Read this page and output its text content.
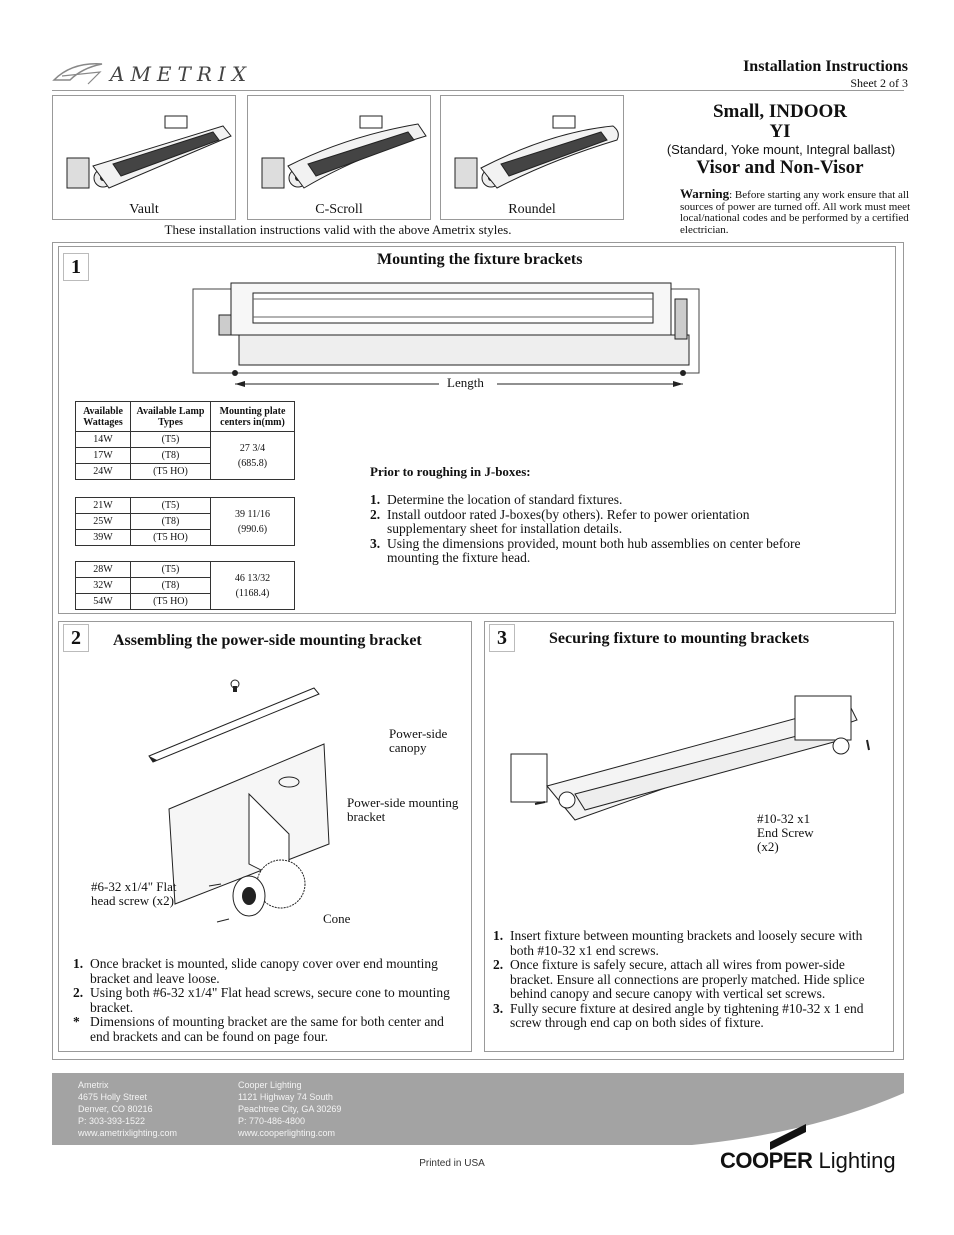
AMETRIX	Installation Instructions
Sheet 2 of 3
Vault	C-Scroll	Roundel
These installation instructions valid with the above Ametrix styles.
Small, INDOOR
YI
(Standard, Yoke mount, Integral ballast)
Visor and Non-Visor
Warning: Before starting any work ensure that all sources of power are turned off. All work must meet local/national codes and be performed by a certified electrician.
1	Mounting the fixture brackets
Length
Available Wattages	Available Lamp Types	Mounting plate centers in(mm)
14W	(T5)	27 3/4
(685.8)

17W	(T8)	
24W	(T5 HO)	
21W	(T5)	39 11/16
(990.6)

25W	(T8)	
39W	(T5 HO)	
28W	(T5)	46 13/32
(1168.4)

32W	(T8)	
54W	(T5 HO)	
Prior to roughing in J-boxes:
1. Determine the location of standard fixtures.
2. Install outdoor rated J-boxes(by others). Refer to power orientation supplementary sheet for installation details.
3. Using the dimensions provided, mount both hub assemblies on center before mounting the fixture head.
2	Assembling the power-side mounting bracket
Power-side canopy
Power-side mounting bracket
#6-32 x1/4" Flat head screw (x2)
Cone
1. Once bracket is mounted, slide canopy cover over end mounting bracket and leave loose.
2. Using both #6-32 x1/4" Flat head screws, secure cone to mounting bracket.
* Dimensions of mounting bracket are the same for both center and end brackets and can be found on page four.
3	Securing fixture to mounting brackets
#10-32 x1 End Screw (x2)
1. Insert fixture between mounting brackets and loosely secure with both #10-32 x1 end screws.
2. Once fixture is safely secure, attach all wires from power-side bracket. Ensure all connections are properly matched. Hide splice behind canopy and secure canopy with vertical set screws.
3. Fully secure fixture at desired angle by tightening #10-32 x 1 end screw through end cap on both sides of fixture.
Ametrix
4675 Holly Street
Denver, CO 80216
P: 303-393-1522
www.ametrixlighting.com
Cooper Lighting
1121 Highway 74 South
Peachtree City, GA 30269
P: 770-486-4800
www.cooperlighting.com
COOPER Lighting
Printed in USA
